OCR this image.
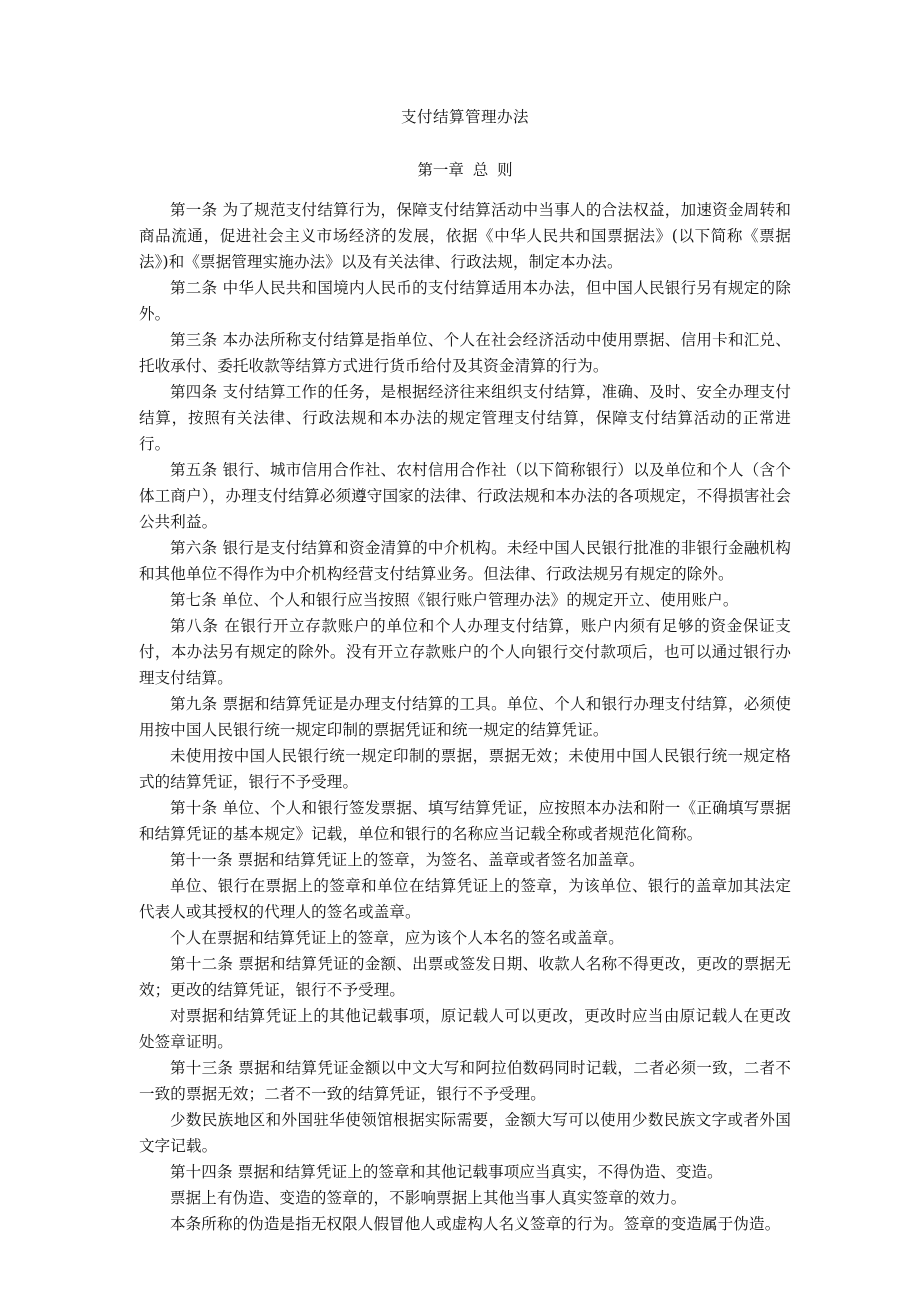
支付结算管理办法
第一章 总 则

第一条 为了规范支付结算行为，保障支付结算活动中当事人的合法权益，加速资金周转和商品流通，促进社会主义市场经济的发展，依据《中华人民共和国票据法》(以下简称《票据法》)和《票据管理实施办法》以及有关法律、行政法规，制定本办法。

第二条 中华人民共和国境内人民币的支付结算适用本办法，但中国人民银行另有规定的除外。

第三条 本办法所称支付结算是指单位、个人在社会经济活动中使用票据、信用卡和汇兑、托收承付、委托收款等结算方式进行货币给付及其资金清算的行为。

第四条 支付结算工作的任务，是根据经济往来组织支付结算，准确、及时、安全办理支付结算，按照有关法律、行政法规和本办法的规定管理支付结算，保障支付结算活动的正常进行。

第五条 银行、城市信用合作社、农村信用合作社（以下简称银行）以及单位和个人（含个体工商户），办理支付结算必须遵守国家的法律、行政法规和本办法的各项规定，不得损害社会公共利益。

第六条 银行是支付结算和资金清算的中介机构。未经中国人民银行批准的非银行金融机构和其他单位不得作为中介机构经营支付结算业务。但法律、行政法规另有规定的除外。

第七条 单位、个人和银行应当按照《银行账户管理办法》的规定开立、使用账户。

第八条 在银行开立存款账户的单位和个人办理支付结算，账户内须有足够的资金保证支付，本办法另有规定的除外。没有开立存款账户的个人向银行交付款项后，也可以通过银行办理支付结算。

第九条 票据和结算凭证是办理支付结算的工具。单位、个人和银行办理支付结算，必须使用按中国人民银行统一规定印制的票据凭证和统一规定的结算凭证。

未使用按中国人民银行统一规定印制的票据，票据无效；未使用中国人民银行统一规定格式的结算凭证，银行不予受理。

第十条 单位、个人和银行签发票据、填写结算凭证，应按照本办法和附一《正确填写票据和结算凭证的基本规定》记载，单位和银行的名称应当记载全称或者规范化简称。

第十一条 票据和结算凭证上的签章，为签名、盖章或者签名加盖章。

单位、银行在票据上的签章和单位在结算凭证上的签章，为该单位、银行的盖章加其法定代表人或其授权的代理人的签名或盖章。

个人在票据和结算凭证上的签章，应为该个人本名的签名或盖章。

第十二条 票据和结算凭证的金额、出票或签发日期、收款人名称不得更改，更改的票据无效；更改的结算凭证，银行不予受理。

对票据和结算凭证上的其他记载事项，原记载人可以更改，更改时应当由原记载人在更改处签章证明。

第十三条 票据和结算凭证金额以中文大写和阿拉伯数码同时记载，二者必须一致，二者不一致的票据无效；二者不一致的结算凭证，银行不予受理。

少数民族地区和外国驻华使领馆根据实际需要，金额大写可以使用少数民族文字或者外国文字记载。

第十四条 票据和结算凭证上的签章和其他记载事项应当真实，不得伪造、变造。

票据上有伪造、变造的签章的，不影响票据上其他当事人真实签章的效力。

本条所称的伪造是指无权限人假冒他人或虚构人名义签章的行为。签章的变造属于伪造。
